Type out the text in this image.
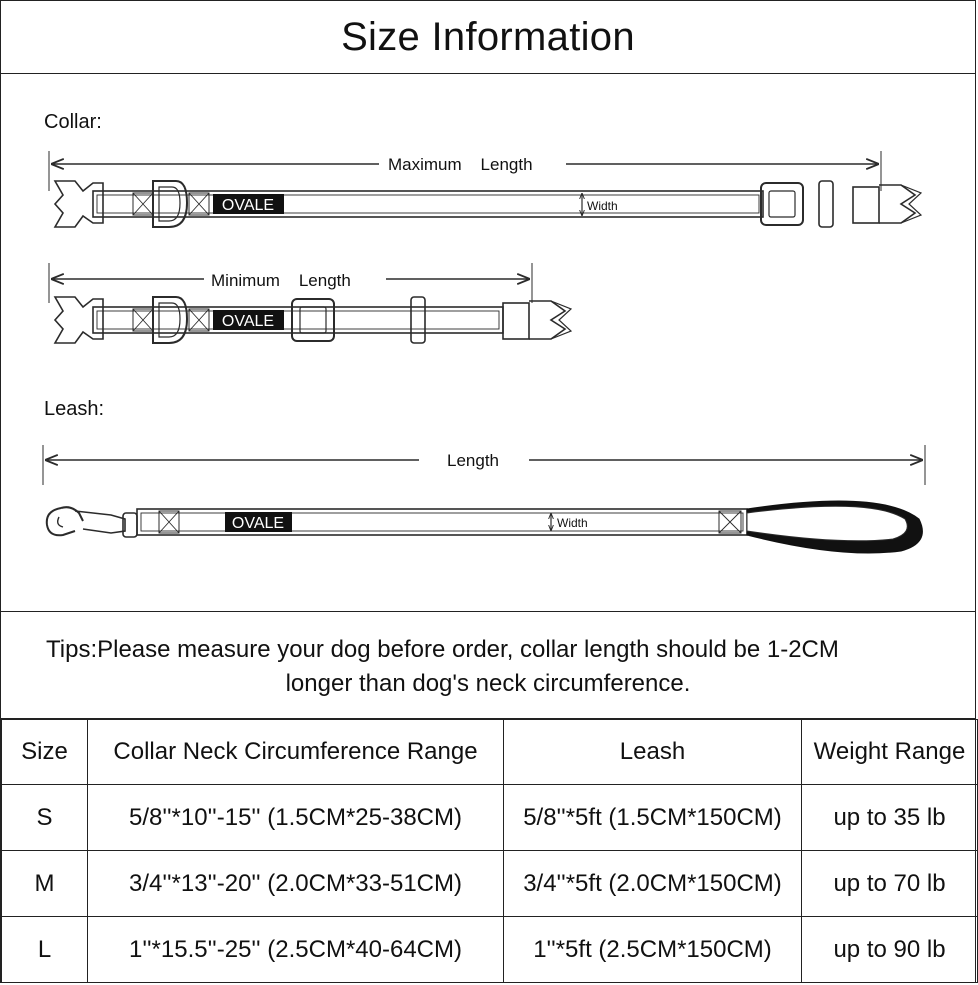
Size Information
Collar:
Maximum    Length
OVALE	Width
Minimum    Length
OVALE
Leash:
Length
OVALE	Width
Tips:Please measure your dog before order, collar length should be 1-2CM
longer than dog's neck circumference.
Size	Collar Neck Circumference Range	Leash	Weight Range
S	5/8''*10''-15'' (1.5CM*25-38CM)	5/8''*5ft (1.5CM*150CM)	up to 35 lb
M	3/4''*13''-20'' (2.0CM*33-51CM)	3/4''*5ft (2.0CM*150CM)	up to 70 lb
L	1''*15.5''-25'' (2.5CM*40-64CM)	1''*5ft (2.5CM*150CM)	up to 90 lb
